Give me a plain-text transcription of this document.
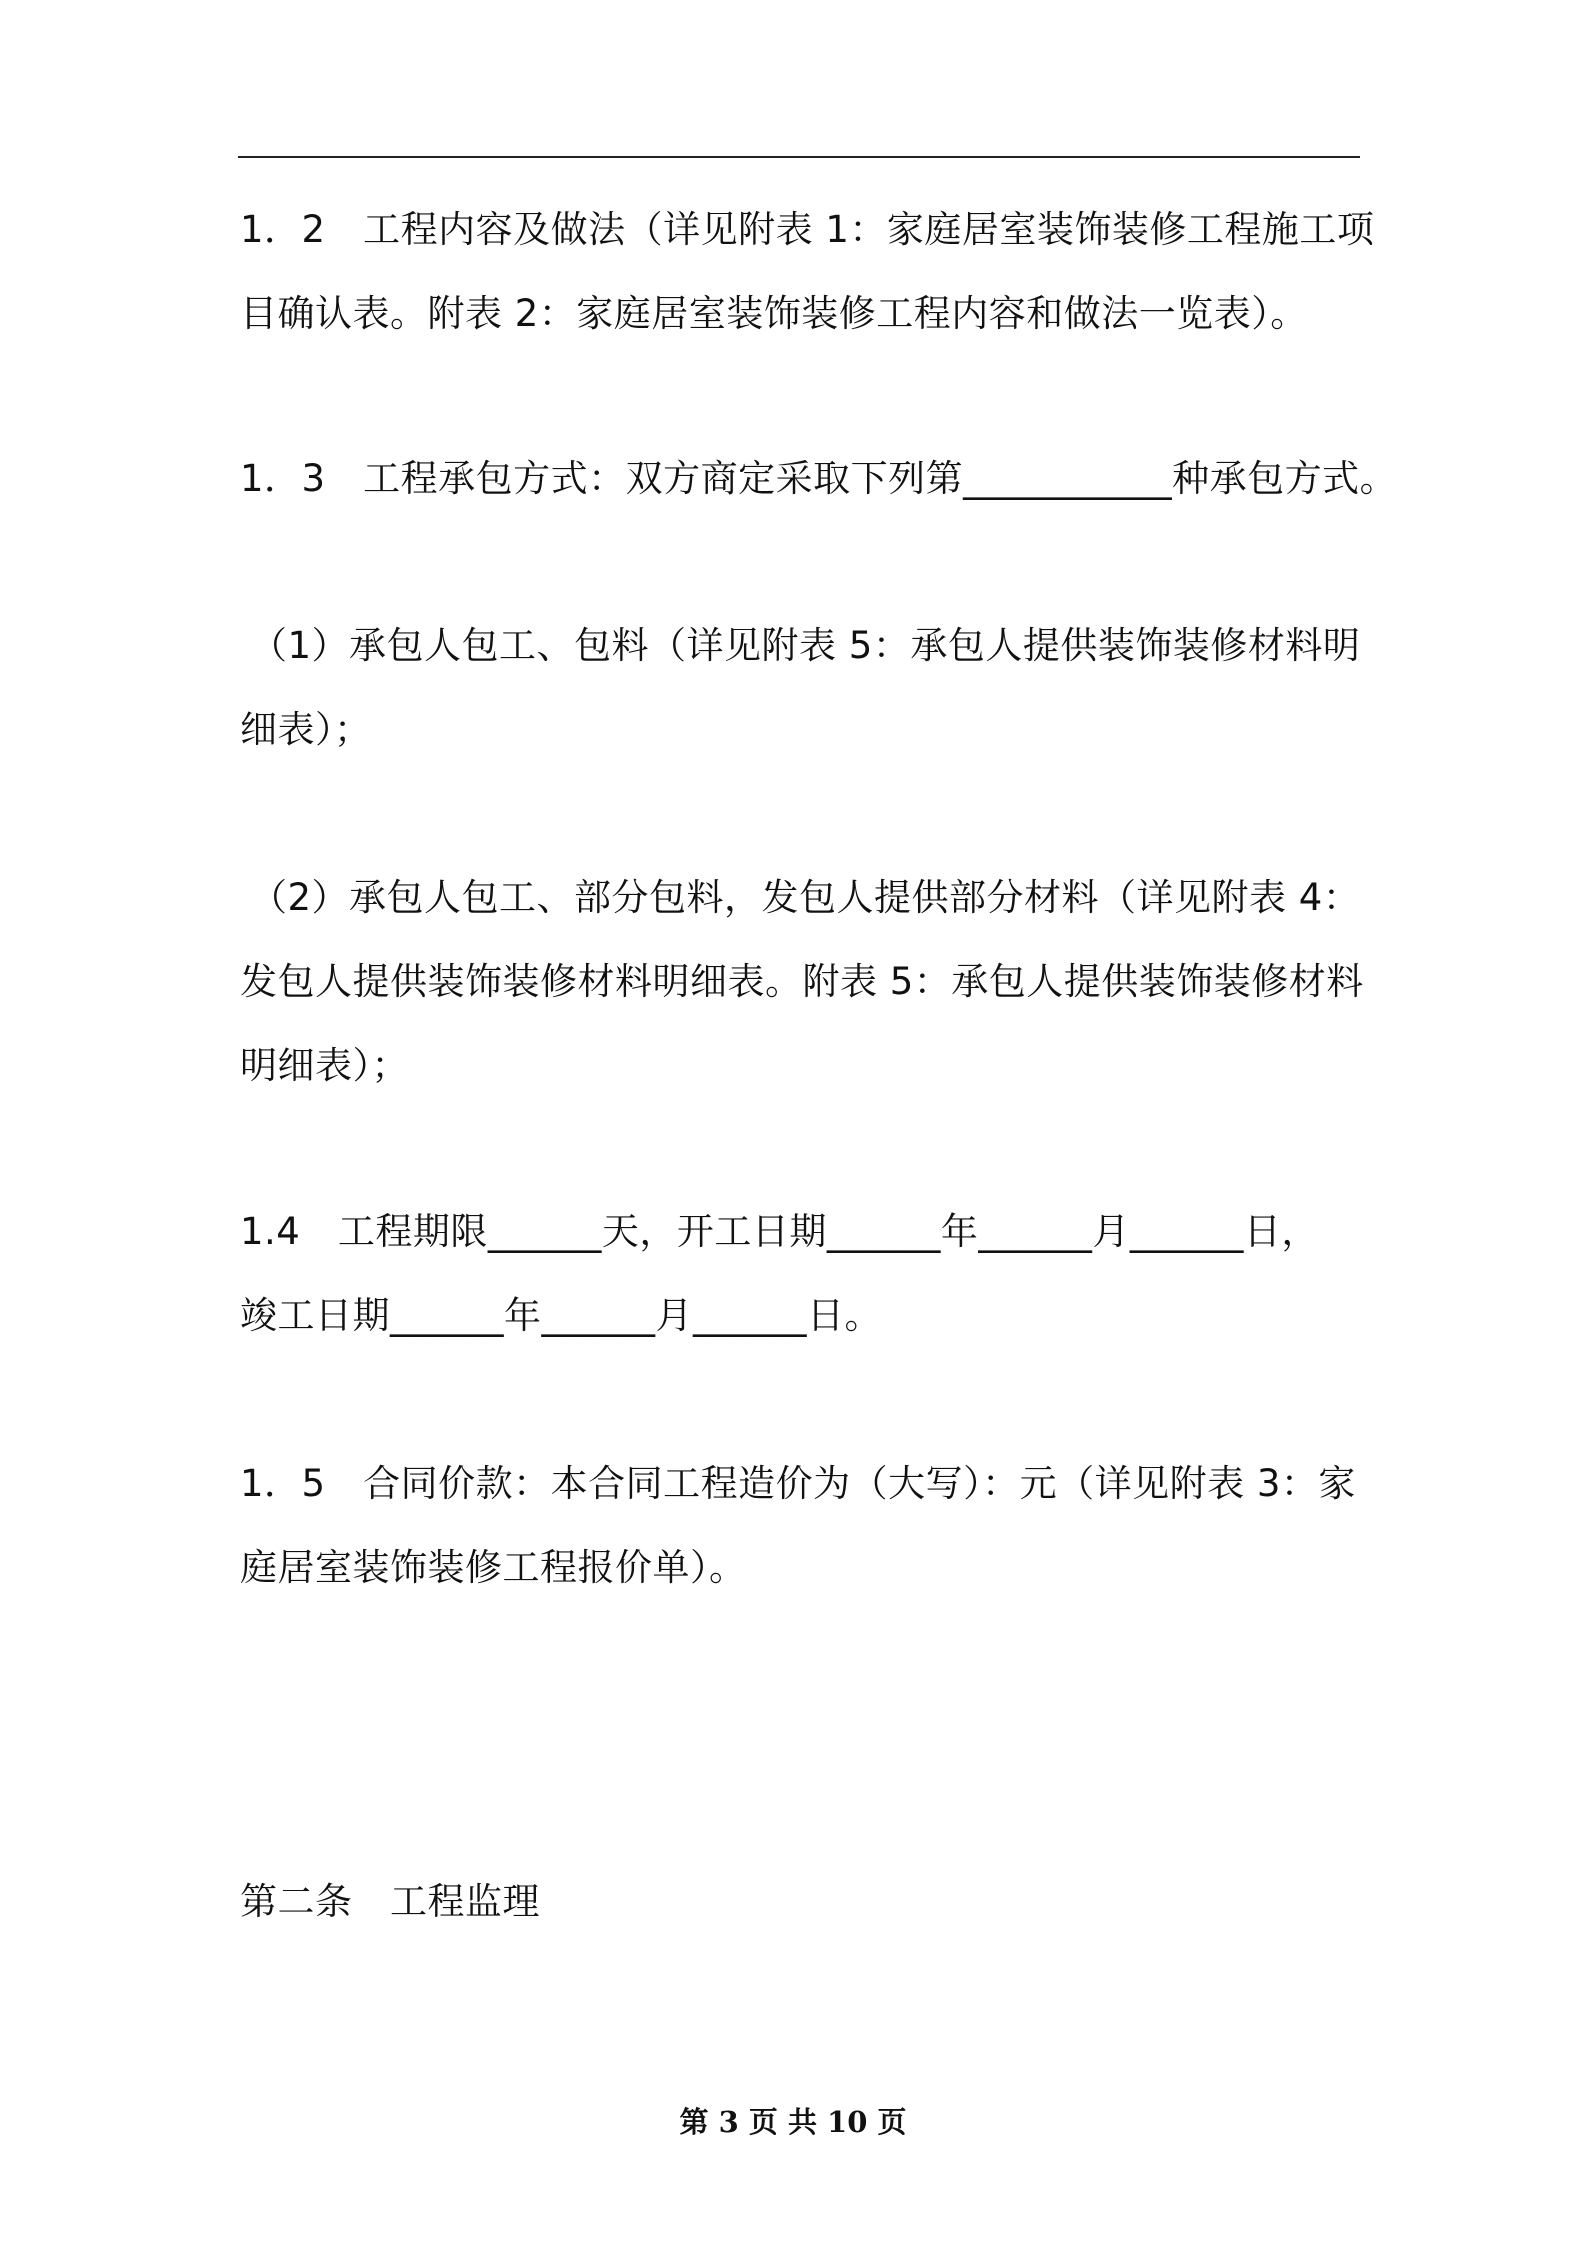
1．2　工程内容及做法（详见附表 1：家庭居室装饰装修工程施工项
目确认表。附表 2：家庭居室装饰装修工程内容和做法一览表）。

1．3　工程承包方式：双方商定采取下列第___________种承包方式。

（1）承包人包工、包料（详见附表 5：承包人提供装饰装修材料明
细表）；

（2）承包人包工、部分包料，发包人提供部分材料（详见附表 4：
发包人提供装饰装修材料明细表。附表 5：承包人提供装饰装修材料
明细表）；

1.4　工程期限______天，开工日期______年______月______日，
竣工日期______年______月______日。

1．5　合同价款：本合同工程造价为（大写）：元（详见附表 3：家
庭居室装饰装修工程报价单）。

第二条　工程监理

第 3 页 共 10 页
